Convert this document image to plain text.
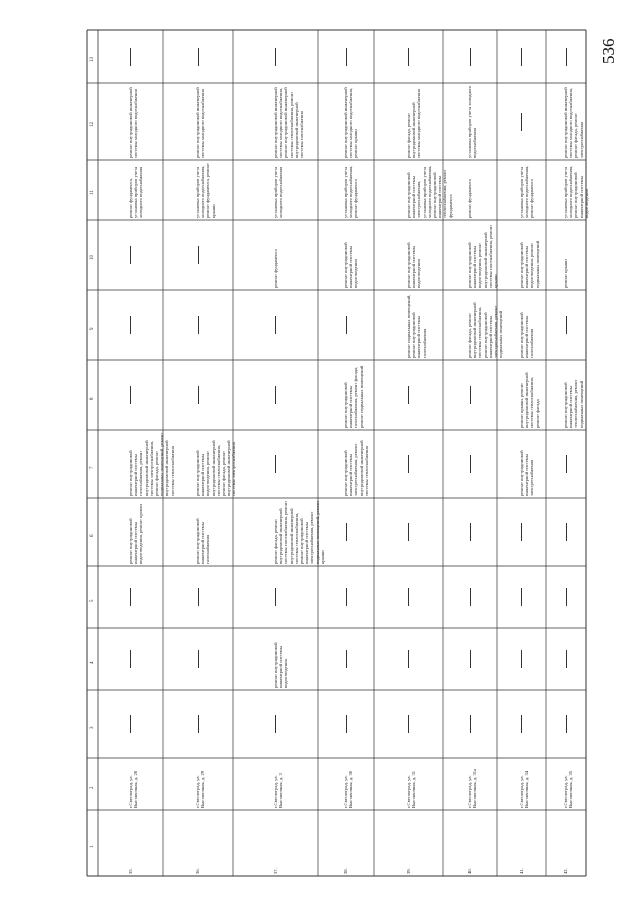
536
1
2
3
4
5
6
7
8
9
10
11
12
13
35.
г.Светлоград, ул. Выставочная, д. 28
ремонт внутридомовой инженерной системы водоотведения, ремонт кровли
ремонт внутридомовой инженерной системы газоснабжения, ремонт внутридомовой инженерной системы электроснабжения, ремонт фасада, ремонт подвальных помещений, ремонт внутридомовой инженерной системы теплоснабжения
ремонт фундамента, установка приборов учета холодного водоснабжения
ремонт внутридомовой инженерной системы холодного водоснабжения
36.
г.Светлоград, ул. Выставочная, д. 29
ремонт внутридомовой инженерной системы газоснабжения
ремонт внутридомовой инженерной системы водоотведения, ремонт внутридомовой инженерной системы теплоснабжения, ремонт фасада, ремонт внутридомовой инженерной системы электроснабжения
установка приборов учета холодного водоснабжения, ремонт фундамента, ремонт крыши
ремонт внутридомовой инженерной системы холодного водоснабжения
37.
г.Светлоград, ул. Выставочная, д. 3
ремонт внутридомовой инженерной системы водоотведения
ремонт фасада, ремонт внутридомовой инженерной системы газоснабжения, ремонт внутридомовой инженерной системы теплоснабжения, ремонт внутридомовой инженерной системы электроснабжения, ремонт подвальных помещений, ремонт крыши
ремонт фундамента
установка приборов учета холодного водоснабжения
ремонт внутридомовой инженерной системы холодного водоснабжения, ремонт внутридомовой инженерной системы теплоснабжения, ремонт внутридомовой инженерной системы газоснабжения
38.
г.Светлоград, ул. Выставочная, д. 30
ремонт внутридомовой инженерной системы электроснабжения, ремонт внутридомовой инженерной системы теплоснабжения
ремонт внутридомовой инженерной системы газоснабжения, ремонт фасада, ремонт подвальных помещений
ремонт внутридомовой инженерной системы водоотведения
установка приборов учета холодного водоснабжения, ремонт фундамента
ремонт внутридомовой инженерной системы холодного водоснабжения, ремонт крыши
39.
г.Светлоград, ул. Выставочная, д. 31
ремонт подвальных помещений, ремонт внутридомовой инженерной системы газоснабжения
ремонт внутридомовой инженерной системы водоотведения
ремонт внутридомовой инженерной системы электроснабжения, установка приборов учета холодного водоснабжения, ремонт внутридомовой инженерной системы теплоснабжения, ремонт фундамента
ремонт фасада, ремонт внутридомовой инженерной системы холодного водоснабжения
40.
г.Светлоград, ул. Выставочная, д. 31а
ремонт фасада, ремонт внутридомовой инженерной системы теплоснабжения, ремонт внутридомовой инженерной системы электроснабжения, ремонт подвальных помещений
ремонт внутридомовой инженерной системы водоотведения, ремонт внутридомовой инженерной системы газоснабжения, ремонт крыши
ремонт фундамента
установка приборов учета холодного водоснабжения
41.
г.Светлоград, ул. Выставочная, д. 34
ремонт внутридомовой инженерной системы электроснабжения
ремонт крыши, ремонт внутридомовой инженерной системы теплоснабжения, ремонт фасада
ремонт внутридомовой инженерной системы газоснабжения
ремонт внутридомовой инженерной системы водоотведения, ремонт подвальных помещений
установка приборов учета холодного водоснабжения, ремонт фундамента
42.
г.Светлоград, ул. Выставочная, д. 35
ремонт внутридомовой инженерной системы теплоснабжения, ремонт подвальных помещений
ремонт крыши
установка приборов учета холодного водоснабжения, ремонт внутридомовой инженерной системы водоотведения
ремонт внутридомовой инженерной системы холодного водоснабжения, ремонт фасада, ремонт электроснабжения
